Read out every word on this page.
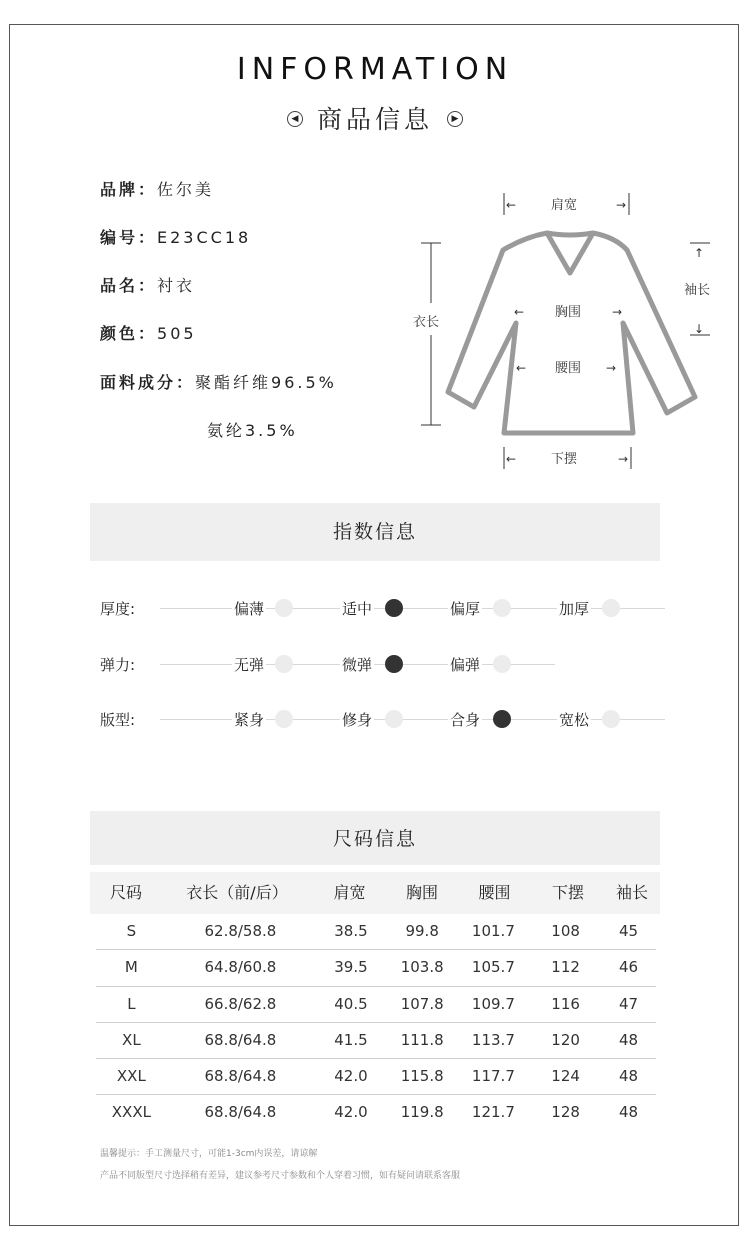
INFORMATION
◀ 商品信息 ▶
品牌：佐尔美
编号：E23CC18
品名：衬衣
颜色：505
面料成分：聚酯纤维96.5%
氨纶3.5%
←	→
肩宽
衣长
↑
袖长
↓
← 胸围	→
← 腰围 →
←	→
下摆
指数信息
厚度:	偏薄	适中	偏厚	加厚
弹力:	无弹	微弹	偏弹
版型:	紧身	修身	合身	宽松
尺码信息
尺码	衣长（前/后）	肩宽	胸围	腰围	下摆	袖长
S	62.8/58.8	38.5	99.8	101.7	108	45
M	64.8/60.8	39.5	103.8	105.7	112	46
L	66.8/62.8	40.5	107.8	109.7	116	47
XL	68.8/64.8	41.5	111.8	113.7	120	48
XXL	68.8/64.8	42.0	115.8	117.7	124	48
XXXL	68.8/64.8	42.0	119.8	121.7	128	48
温馨提示：手工测量尺寸，可能1-3cm内误差，请谅解
产品不同版型尺寸选择稍有差异，建议参考尺寸参数和个人穿着习惯，如有疑问请联系客服
